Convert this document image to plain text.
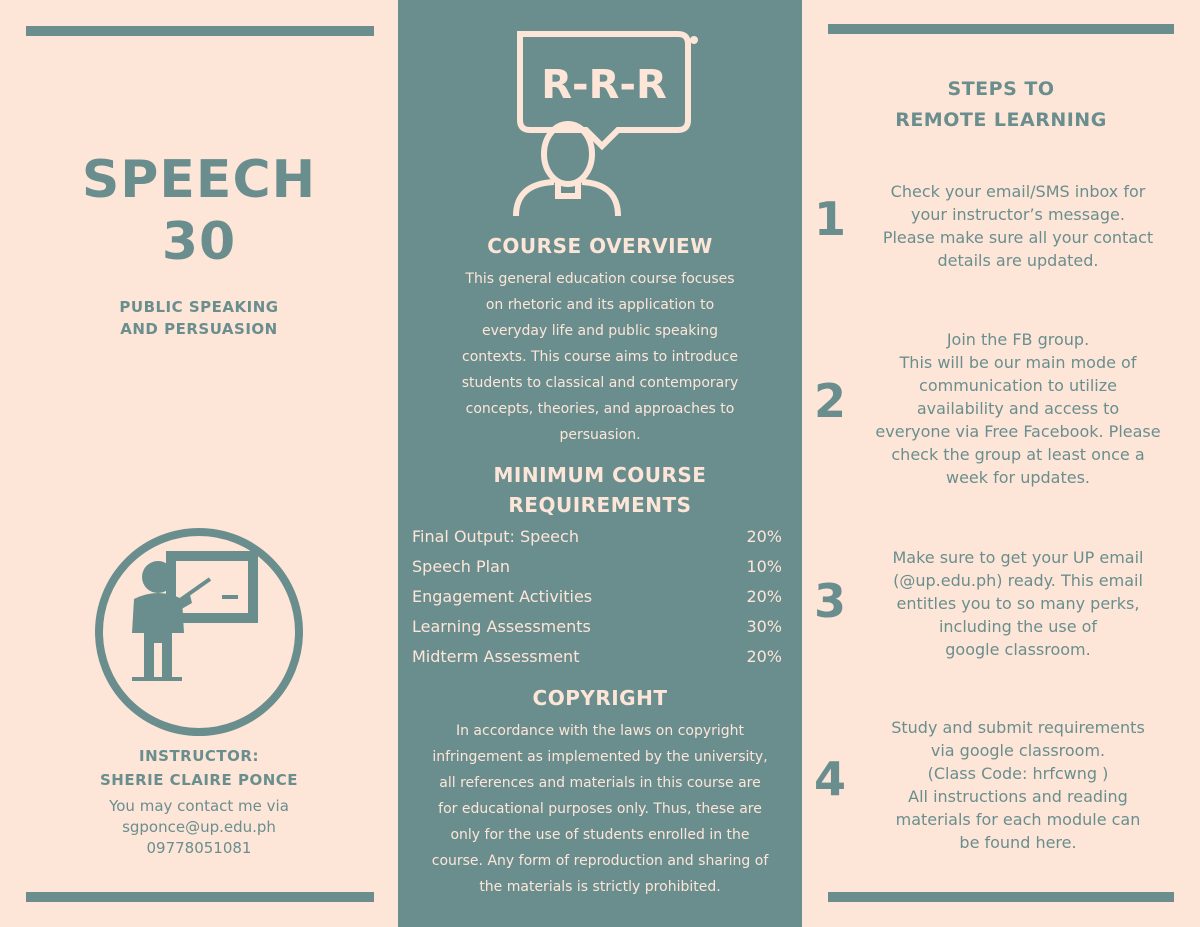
SPEECH
30
PUBLIC SPEAKING
AND PERSUASION
INSTRUCTOR:
SHERIE CLAIRE PONCE
You may contact me via
sgponce@up.edu.ph
09778051081
R-R-R
COURSE OVERVIEW
This general education course focuses
on rhetoric and its application to
everyday life and public speaking
contexts. This course aims to introduce
students to classical and contemporary
concepts, theories, and approaches to
persuasion.
MINIMUM COURSE
REQUIREMENTS
Final Output: Speech	20%
Speech Plan	10%
Engagement Activities	20%
Learning Assessments	30%
Midterm Assessment	20%
COPYRIGHT
In accordance with the laws on copyright
infringement as implemented by the university,
all references and materials in this course are
for educational purposes only. Thus, these are
only for the use of students enrolled in the
course. Any form of reproduction and sharing of
the materials is strictly prohibited.
STEPS TO
REMOTE LEARNING
1
Check your email/SMS inbox for
your instructor’s message.
Please make sure all your contact
details are updated.
2
Join the FB group.
This will be our main mode of
communication to utilize
availability and access to
everyone via Free Facebook. Please
check the group at least once a
week for updates.
3
Make sure to get your UP email
(@up.edu.ph) ready. This email
entitles you to so many perks,
including the use of
google classroom.
4
Study and submit requirements
via google classroom.
(Class Code: hrfcwng )
All instructions and reading
materials for each module can
be found here.
